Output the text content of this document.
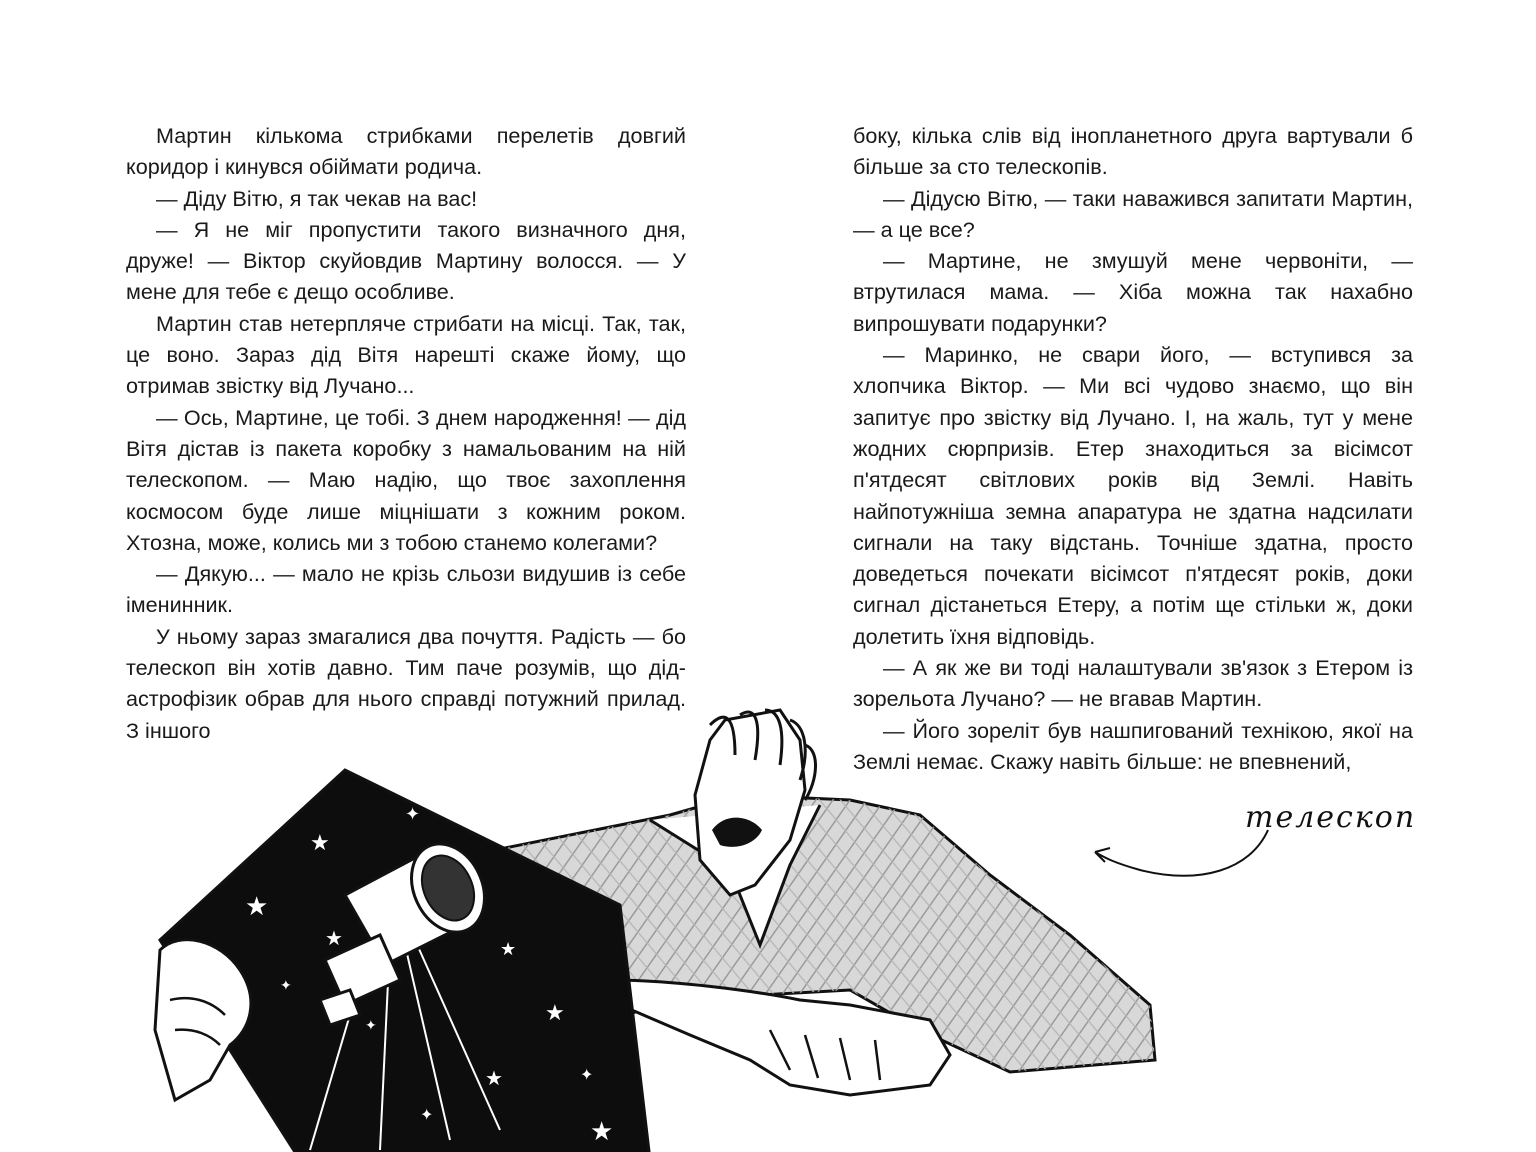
Мартин кількома стрибками перелетів довгий коридор і кинувся обіймати родича.

— Діду Вітю, я так чекав на вас!

— Я не міг пропустити такого визначного дня, друже! — Віктор скуйовдив Мартину волосся. — У мене для тебе є дещо особливе.

Мартин став нетерпляче стрибати на місці. Так, так, це воно. Зараз дід Вітя нарешті скаже йому, що отримав звістку від Лучано...

— Ось, Мартине, це тобі. З днем народження! — дід Вітя дістав із пакета коробку з намальованим на ній телескопом. — Маю надію, що твоє захоплення космосом буде лише міцнішати з кожним роком. Хтозна, може, колись ми з тобою станемо колегами?

— Дякую... — мало не крізь сльози видушив із себе іменинник.

У ньому зараз змагалися два почуття. Радість — бо телескоп він хотів давно. Тим паче розумів, що дід-астрофізик обрав для нього справді потужний прилад. З іншого

боку, кілька слів від інопланетного друга вартували б більше за сто телескопів.

— Дідусю Вітю, — таки наважився запитати Мартин, — а це все?

— Мартине, не змушуй мене червоніти, — втрутилася мама. — Хіба можна так нахабно випрошувати подарунки?

— Маринко, не свари його, — вступився за хлопчика Віктор. — Ми всі чудово знаємо, що він запитує про звістку від Лучано. І, на жаль, тут у мене жодних сюрпризів. Етер знаходиться за вісімсот п'ятдесят світлових років від Землі. Навіть найпотужніша земна апаратура не здатна надсилати сигнали на таку відстань. Точніше здатна, просто доведеться почекати вісімсот п'ятдесят років, доки сигнал дістанеться Етеру, а потім ще стільки ж, доки долетить їхня відповідь.

— А як же ви тоді налаштували зв'язок з Етером із зорельота Лучано? — не вгавав Мартин.

— Його зореліт був нашпигований технікою, якої на Землі немає. Скажу навіть більше: не впевнений,

★
★
✦
★	★
★
✦
★
✦
★
✦
✦
телескоп
